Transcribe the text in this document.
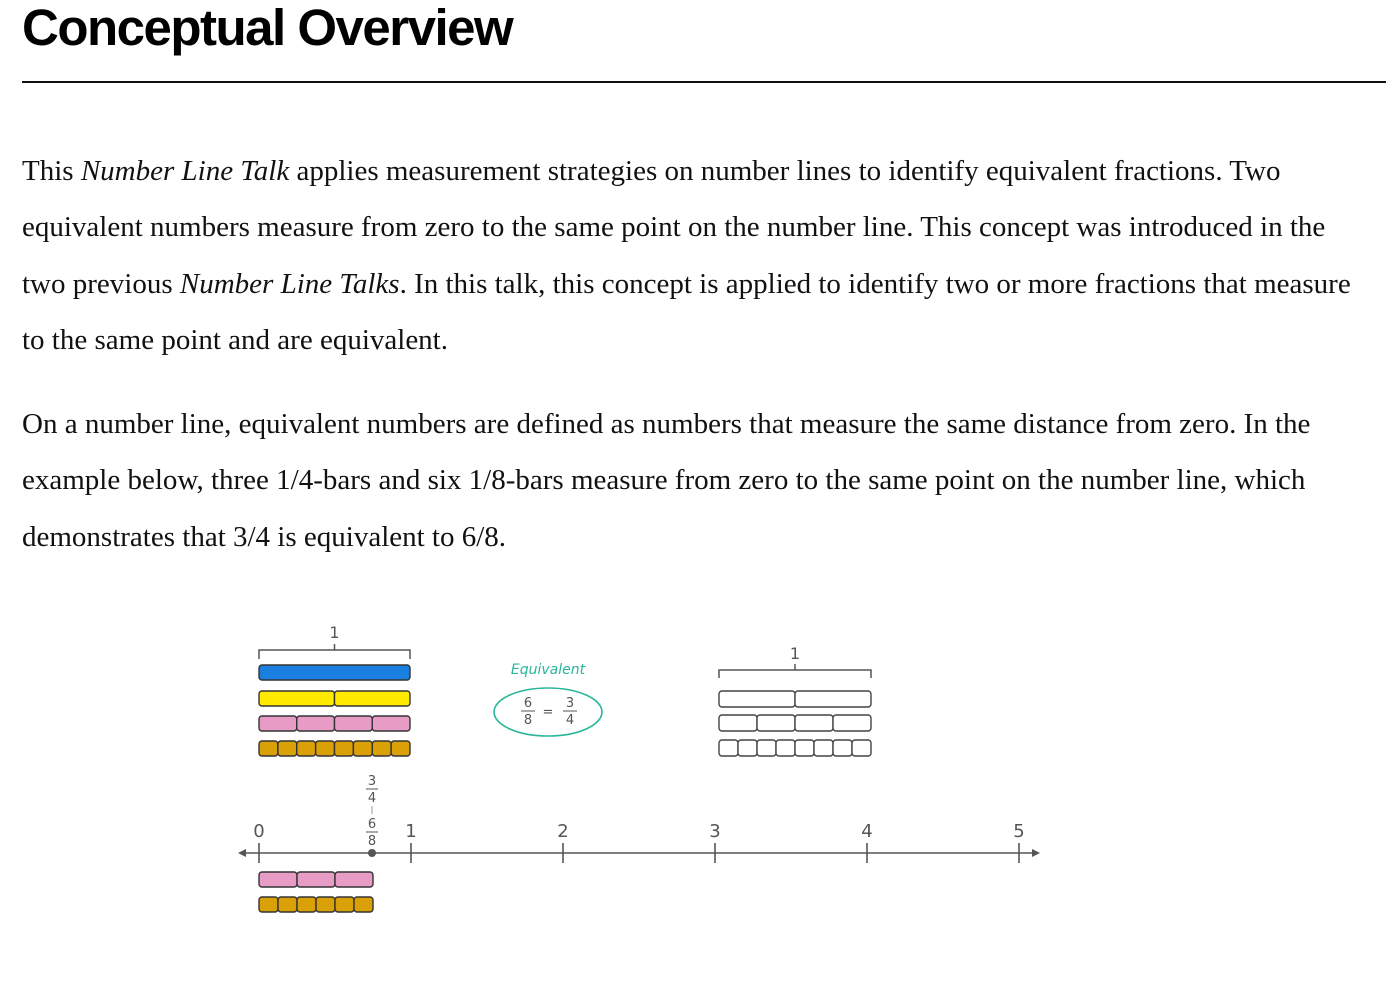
Conceptual Overview

This Number Line Talk applies measurement strategies on number lines to identify equivalent fractions. Two equivalent numbers measure from zero to the same point on the number line. This concept was introduced in the two previous Number Line Talks. In this talk, this concept is applied to identify two or more fractions that measure to the same point and are equivalent.

On a number line, equivalent numbers are defined as numbers that measure the same distance from zero. In the example below, three 1/4-bars and six 1/8-bars measure from zero to the same point on the number line, which demonstrates that 3/4 is equivalent to 6/8.

1
Equivalent
6
8
=
3
4
1
3
4
6
8
0	1	2	3	4	5
